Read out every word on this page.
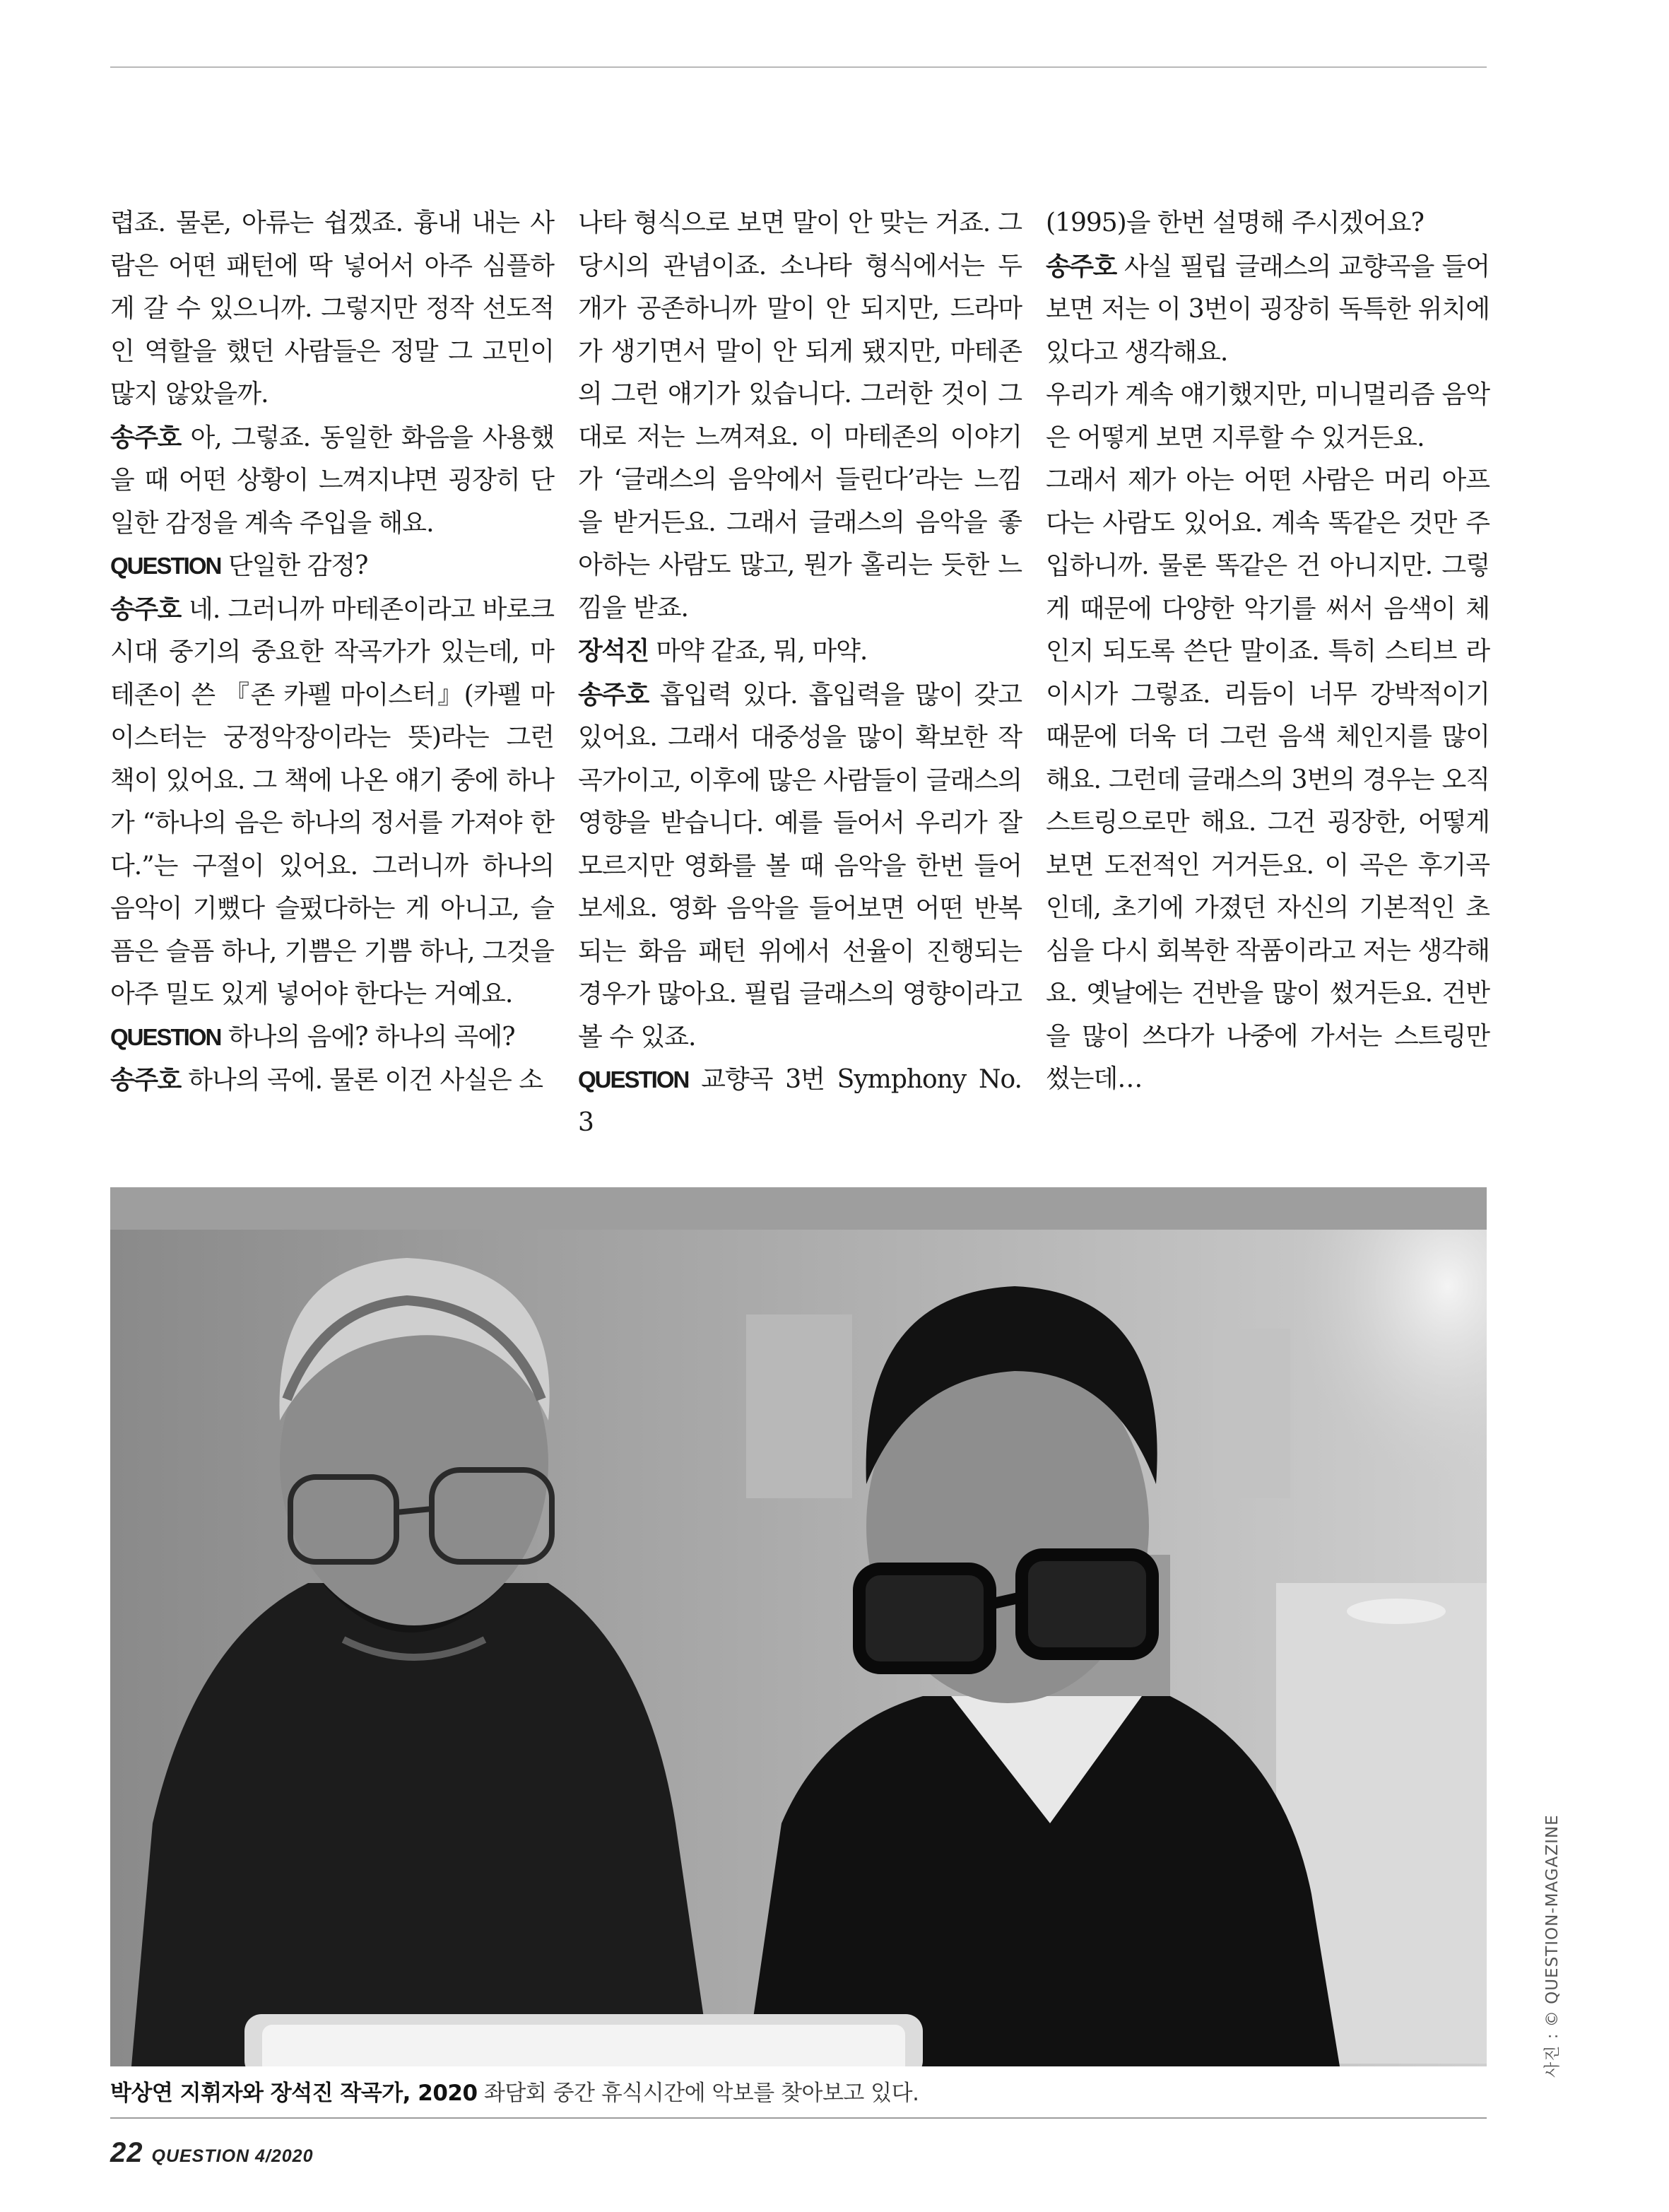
렵죠. 물론, 아류는 쉽겠죠. 흉내 내는 사람은 어떤 패턴에 딱 넣어서 아주 심플하게 갈 수 있으니까. 그렇지만 정작 선도적인 역할을 했던 사람들은 정말 그 고민이 많지 않았을까.
송주호 아, 그렇죠. 동일한 화음을 사용했을 때 어떤 상황이 느껴지냐면 굉장히 단일한 감정을 계속 주입을 해요.
QUESTION 단일한 감정?
송주호 네. 그러니까 마테존이라고 바로크 시대 중기의 중요한 작곡가가 있는데, 마테존이 쓴 『존 카펠 마이스터』(카펠 마이스터는 궁정악장이라는 뜻)라는 그런 책이 있어요. 그 책에 나온 얘기 중에 하나가 “하나의 음은 하나의 정서를 가져야 한다.”는 구절이 있어요. 그러니까 하나의 음악이 기뻤다 슬펐다하는 게 아니고, 슬픔은 슬픔 하나, 기쁨은 기쁨 하나, 그것을 아주 밀도 있게 넣어야 한다는 거예요.
QUESTION 하나의 음에? 하나의 곡에?
송주호 하나의 곡에. 물론 이건 사실은 소
나타 형식으로 보면 말이 안 맞는 거죠. 그 당시의 관념이죠. 소나타 형식에서는 두 개가 공존하니까 말이 안 되지만, 드라마가 생기면서 말이 안 되게 됐지만, 마테존의 그런 얘기가 있습니다. 그러한 것이 그대로 저는 느껴져요. 이 마테존의 이야기가 ‘글래스의 음악에서 들린다’라는 느낌을 받거든요. 그래서 글래스의 음악을 좋아하는 사람도 많고, 뭔가 홀리는 듯한 느낌을 받죠.
장석진 마약 같죠, 뭐, 마약.
송주호 흡입력 있다. 흡입력을 많이 갖고 있어요. 그래서 대중성을 많이 확보한 작곡가이고, 이후에 많은 사람들이 글래스의 영향을 받습니다. 예를 들어서 우리가 잘 모르지만 영화를 볼 때 음악을 한번 들어보세요. 영화 음악을 들어보면 어떤 반복되는 화음 패턴 위에서 선율이 진행되는 경우가 많아요. 필립 글래스의 영향이라고 볼 수 있죠.
QUESTION 교향곡 3번 Symphony No. 3
(1995)을 한번 설명해 주시겠어요?
송주호 사실 필립 글래스의 교향곡을 들어보면 저는 이 3번이 굉장히 독특한 위치에 있다고 생각해요.
우리가 계속 얘기했지만, 미니멀리즘 음악은 어떻게 보면 지루할 수 있거든요.
그래서 제가 아는 어떤 사람은 머리 아프다는 사람도 있어요. 계속 똑같은 것만 주입하니까. 물론 똑같은 건 아니지만. 그렇게 때문에 다양한 악기를 써서 음색이 체인지 되도록 쓴단 말이죠. 특히 스티브 라이시가 그렇죠. 리듬이 너무 강박적이기 때문에 더욱 더 그런 음색 체인지를 많이 해요. 그런데 글래스의 3번의 경우는 오직 스트링으로만 해요. 그건 굉장한, 어떻게 보면 도전적인 거거든요. 이 곡은 후기곡인데, 초기에 가졌던 자신의 기본적인 초심을 다시 회복한 작품이라고 저는 생각해요. 옛날에는 건반을 많이 썼거든요. 건반을 많이 쓰다가 나중에 가서는 스트링만 썼는데…
박상연 지휘자와 장석진 작곡가, 2020 좌담회 중간 휴식시간에 악보를 찾아보고 있다.
22 QUESTION 4/2020
사진 : © QUESTION-MAGAZINE
